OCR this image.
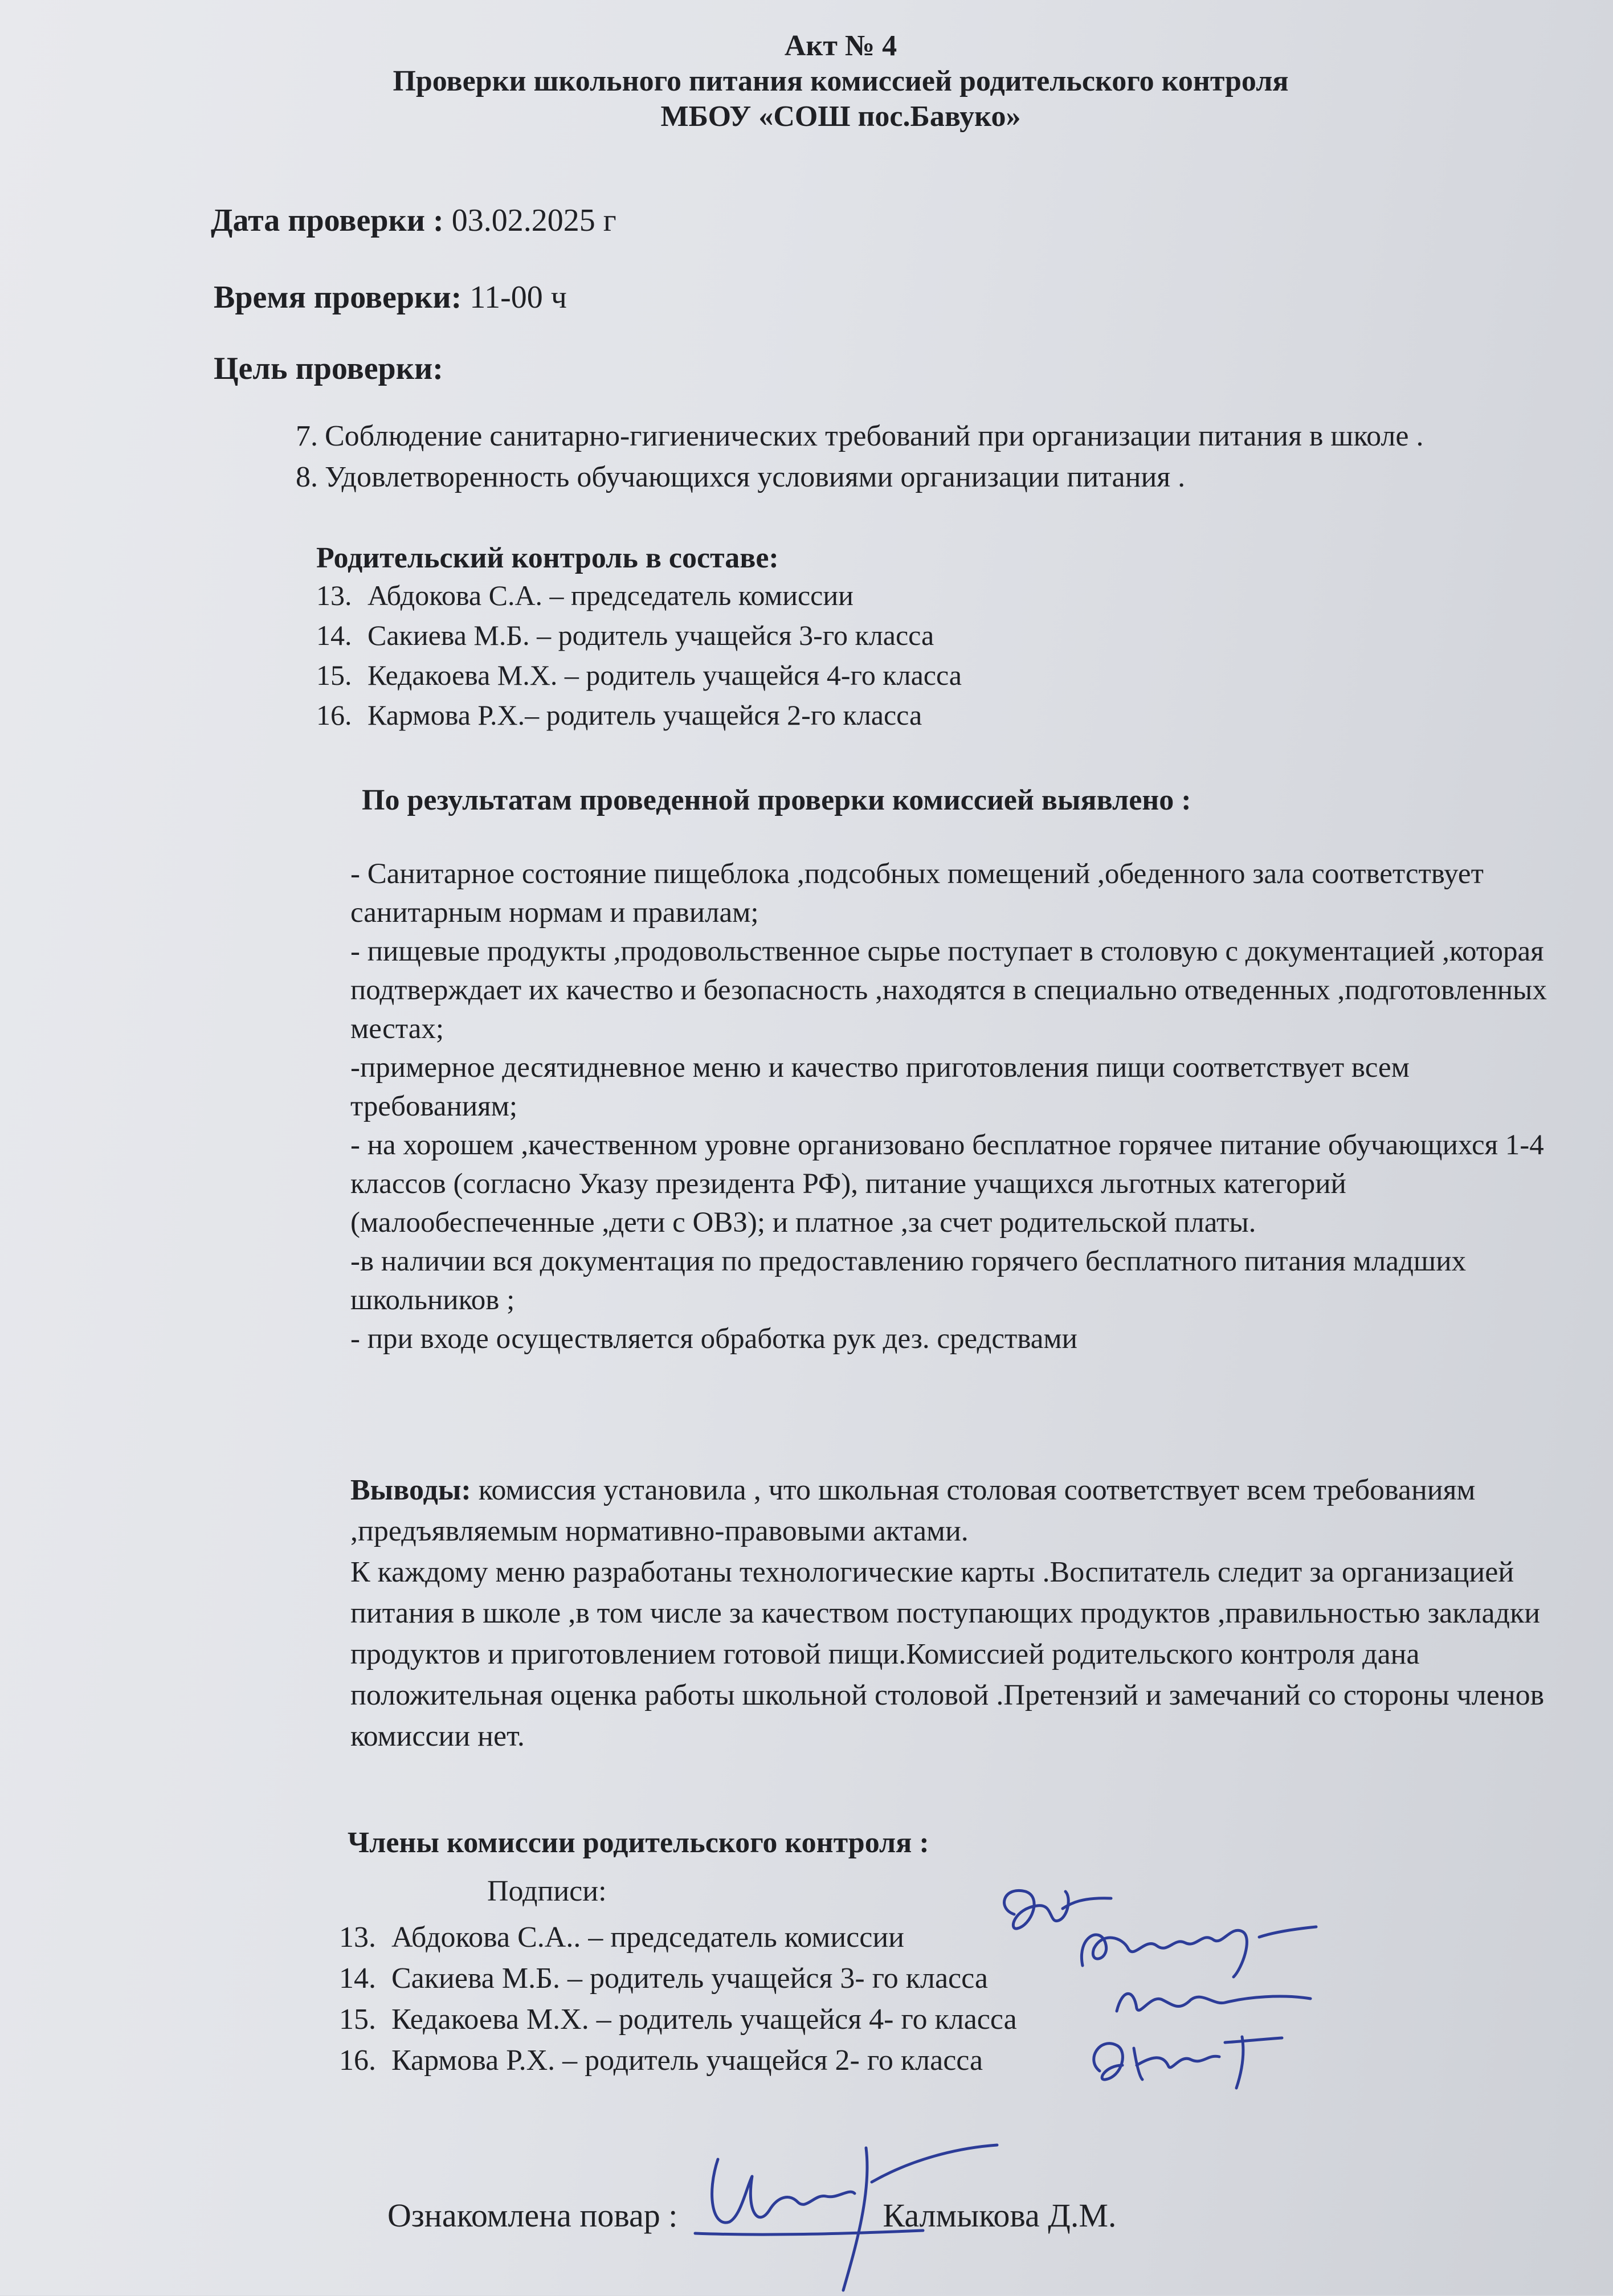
Акт № 4
Проверки школьного питания комиссией родительского контроля
МБОУ «СОШ пос.Бавуко»
Дата проверки : 03.02.2025 г
Время проверки: 11-00 ч
Цель проверки:
7. Соблюдение санитарно-гигиенических требований при организации питания в школе .
8. Удовлетворенность обучающихся условиями организации питания .
Родительский контроль в составе:
13. Абдокова С.А. – председатель комиссии
14. Сакиева М.Б. – родитель учащейся 3-го класса
15. Кедакоева М.Х. – родитель учащейся 4-го класса
16. Кармова Р.Х.– родитель учащейся 2-го класса
По результатам проведенной проверки комиссией выявлено :

- Санитарное состояние пищеблока ,подсобных помещений ,обеденного зала соответствует санитарным нормам и правилам;

- пищевые продукты ,продовольственное сырье поступает в столовую с документацией ,которая подтверждает их качество и безопасность ,находятся в специально отведенных ,подготовленных местах;

-примерное десятидневное меню и качество приготовления пищи соответствует всем требованиям;

- на хорошем ,качественном уровне организовано бесплатное горячее питание обучающихся 1-4 классов (согласно Указу президента РФ), питание учащихся льготных категорий (малообеспеченные ,дети с ОВЗ); и платное ,за счет родительской платы.

-в наличии вся документация по предоставлению горячего бесплатного питания младших школьников ;

- при входе осуществляется обработка рук дез. средствами

Выводы: комиссия установила , что школьная столовая соответствует всем требованиям ,предъявляемым нормативно-правовыми актами.

К каждому меню разработаны технологические карты .Воспитатель следит за организацией питания в школе ,в том числе за качеством поступающих продуктов ,правильностью закладки продуктов и приготовлением готовой пищи.Комиссией родительского контроля дана положительная оценка работы школьной столовой .Претензий и замечаний со стороны членов комиссии нет.

Члены комиссии родительского контроля :
Подписи:
13. Абдокова С.А.. – председатель комиссии
14. Сакиева М.Б. – родитель учащейся 3- го класса
15. Кедакоева М.Х. – родитель учащейся 4- го класса
16. Кармова Р.Х. – родитель учащейся 2- го класса
Ознакомлена повар :	Калмыкова Д.М.
